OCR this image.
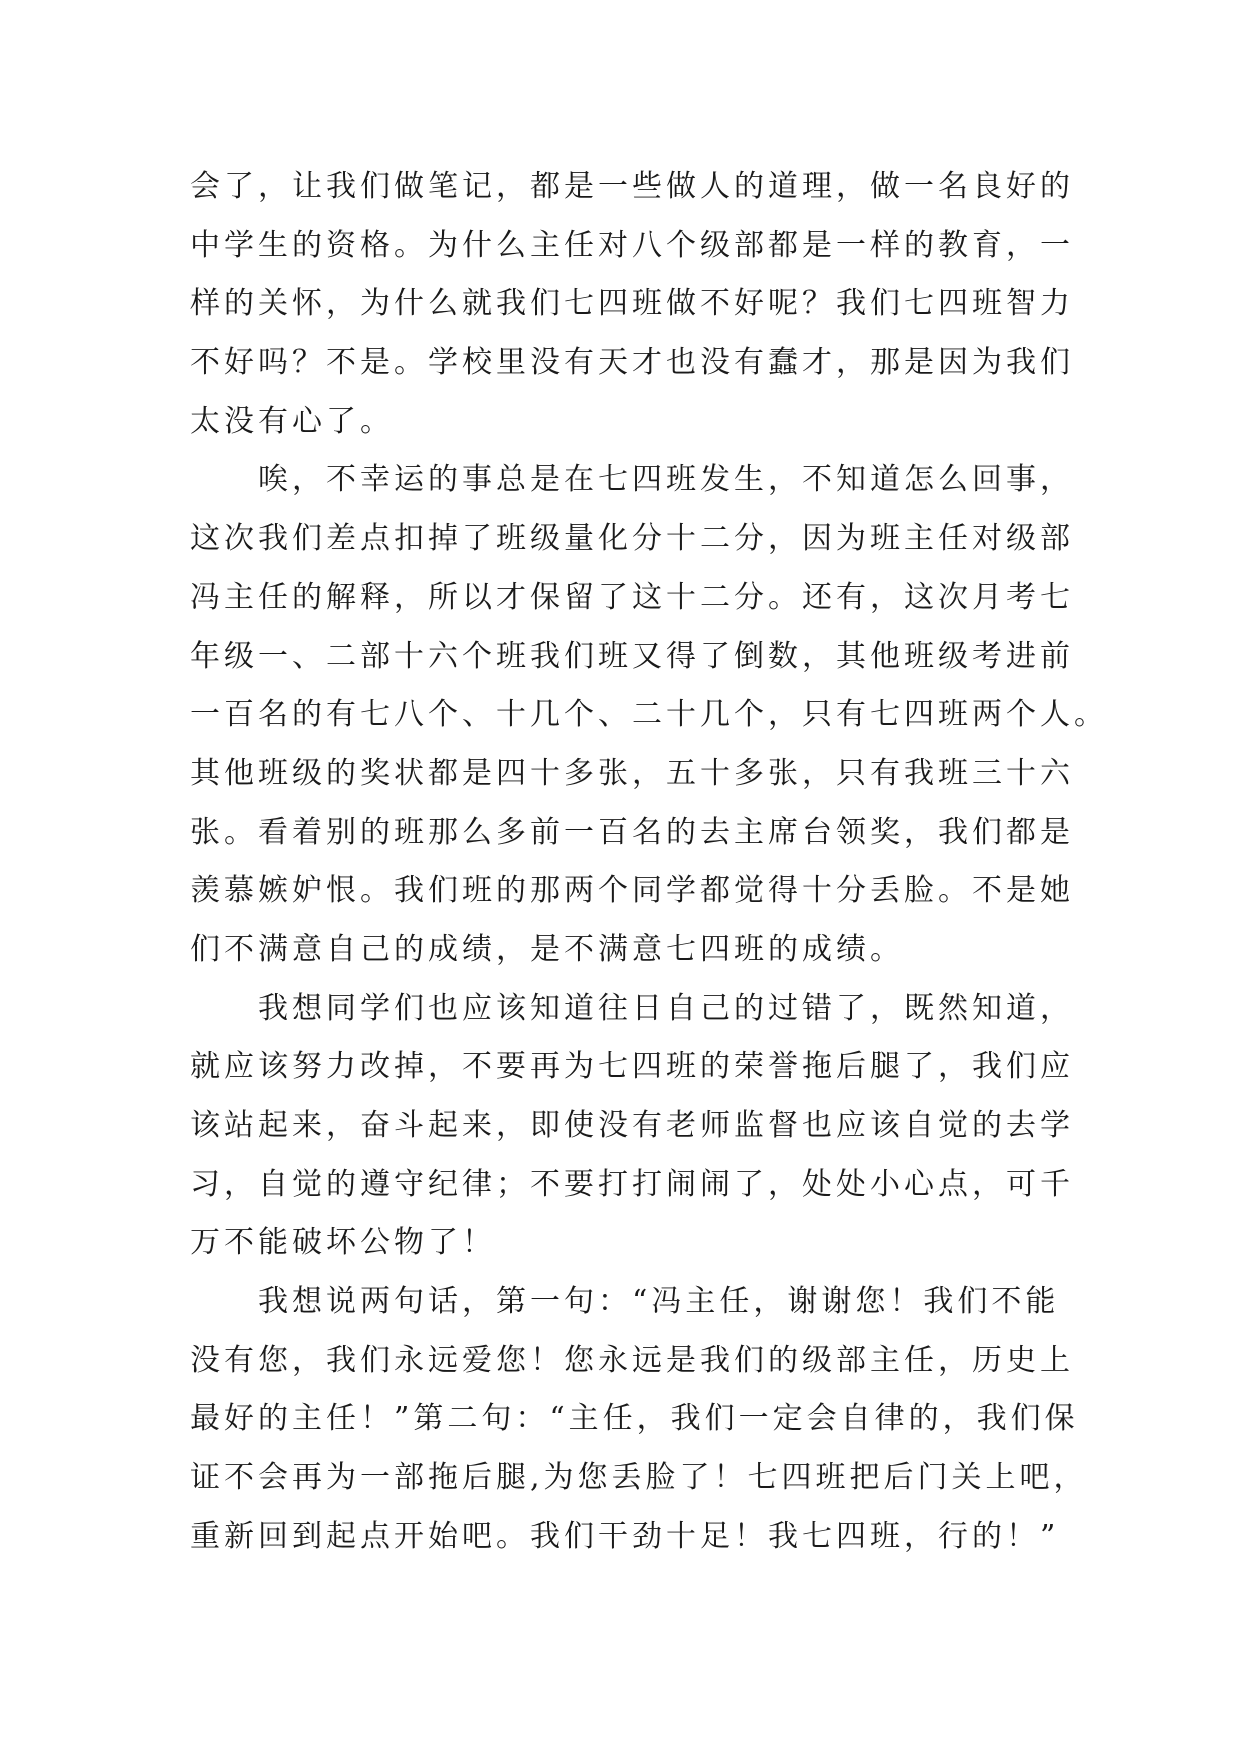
会了，让我们做笔记，都是一些做人的道理，做一名良好的
中学生的资格。为什么主任对八个级部都是一样的教育，一
样的关怀，为什么就我们七四班做不好呢？我们七四班智力
不好吗？不是。学校里没有天才也没有蠢才，那是因为我们
太没有心了。
唉，不幸运的事总是在七四班发生，不知道怎么回事，
这次我们差点扣掉了班级量化分十二分，因为班主任对级部
冯主任的解释，所以才保留了这十二分。还有，这次月考七
年级一、二部十六个班我们班又得了倒数，其他班级考进前
一百名的有七八个、十几个、二十几个，只有七四班两个人。
其他班级的奖状都是四十多张，五十多张，只有我班三十六
张。看着别的班那么多前一百名的去主席台领奖，我们都是
羡慕嫉妒恨。我们班的那两个同学都觉得十分丢脸。不是她
们不满意自己的成绩，是不满意七四班的成绩。
我想同学们也应该知道往日自己的过错了，既然知道，
就应该努力改掉，不要再为七四班的荣誉拖后腿了，我们应
该站起来，奋斗起来，即使没有老师监督也应该自觉的去学
习，自觉的遵守纪律；不要打打闹闹了，处处小心点，可千
万不能破坏公物了！
我想说两句话，第一句：“冯主任，谢谢您！我们不能
没有您，我们永远爱您！您永远是我们的级部主任，历史上
最好的主任！”第二句：“主任，我们一定会自律的，我们保
证不会再为一部拖后腿,为您丢脸了！七四班把后门关上吧，
重新回到起点开始吧。我们干劲十足！我七四班，行的！”
